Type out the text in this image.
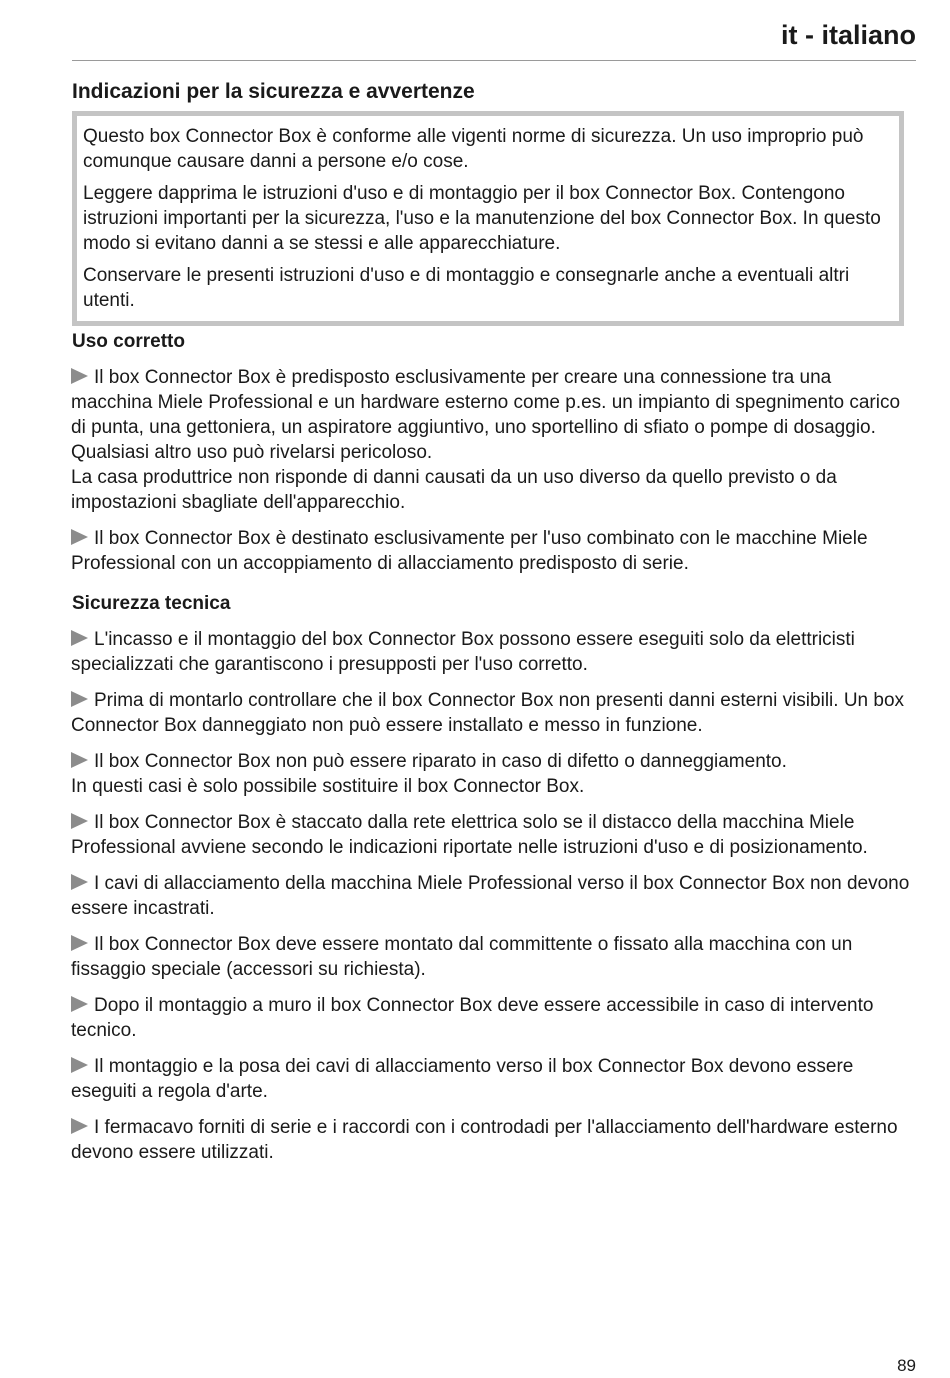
it - italiano
Indicazioni per la sicurezza e avvertenze

Questo box Connector Box è conforme alle vigenti norme di sicurezza. Un uso improprio può comunque causare danni a persone e/o cose.

Leggere dapprima le istruzioni d'uso e di montaggio per il box Connector Box. Contengono istruzioni importanti per la sicurezza, l'uso e la manutenzione del box Connector Box. In questo modo si evitano danni a se stessi e alle apparecchiature.

Conservare le presenti istruzioni d'uso e di montaggio e consegnarle anche a eventuali altri utenti.

Uso corretto
Il box Connector Box è predisposto esclusivamente per creare una connessione tra una macchina Miele Professional e un hardware esterno come p.es. un impianto di spegnimento carico di punta, una gettoniera, un aspiratore aggiuntivo, uno sportellino di sfiato o pompe di dosaggio. Qualsiasi altro uso può rivelarsi pericoloso.
La casa produttrice non risponde di danni causati da un uso diverso da quello previsto o da impostazioni sbagliate dell'apparecchio.
Il box Connector Box è destinato esclusivamente per l'uso combinato con le macchine Miele Professional con un accoppiamento di allacciamento predisposto di serie.
Sicurezza tecnica
L'incasso e il montaggio del box Connector Box possono essere eseguiti solo da elettricisti specializzati che garantiscono i presupposti per l'uso corretto.
Prima di montarlo controllare che il box Connector Box non presenti danni esterni visibili. Un box Connector Box danneggiato non può essere installato e messo in funzione.
Il box Connector Box non può essere riparato in caso di difetto o danneggiamento.
In questi casi è solo possibile sostituire il box Connector Box.
Il box Connector Box è staccato dalla rete elettrica solo se il distacco della macchina Miele Professional avviene secondo le indicazioni riportate nelle istruzioni d'uso e di posizionamento.
I cavi di allacciamento della macchina Miele Professional verso il box Connector Box non devono essere incastrati.
Il box Connector Box deve essere montato dal committente o fissato alla macchina con un fissaggio speciale (accessori su richiesta).
Dopo il montaggio a muro il box Connector Box deve essere accessibile in caso di intervento tecnico.
Il montaggio e la posa dei cavi di allacciamento verso il box Connector Box devono essere eseguiti a regola d'arte.
I fermacavo forniti di serie e i raccordi con i controdadi per l'allacciamento dell'hardware esterno devono essere utilizzati.
89
